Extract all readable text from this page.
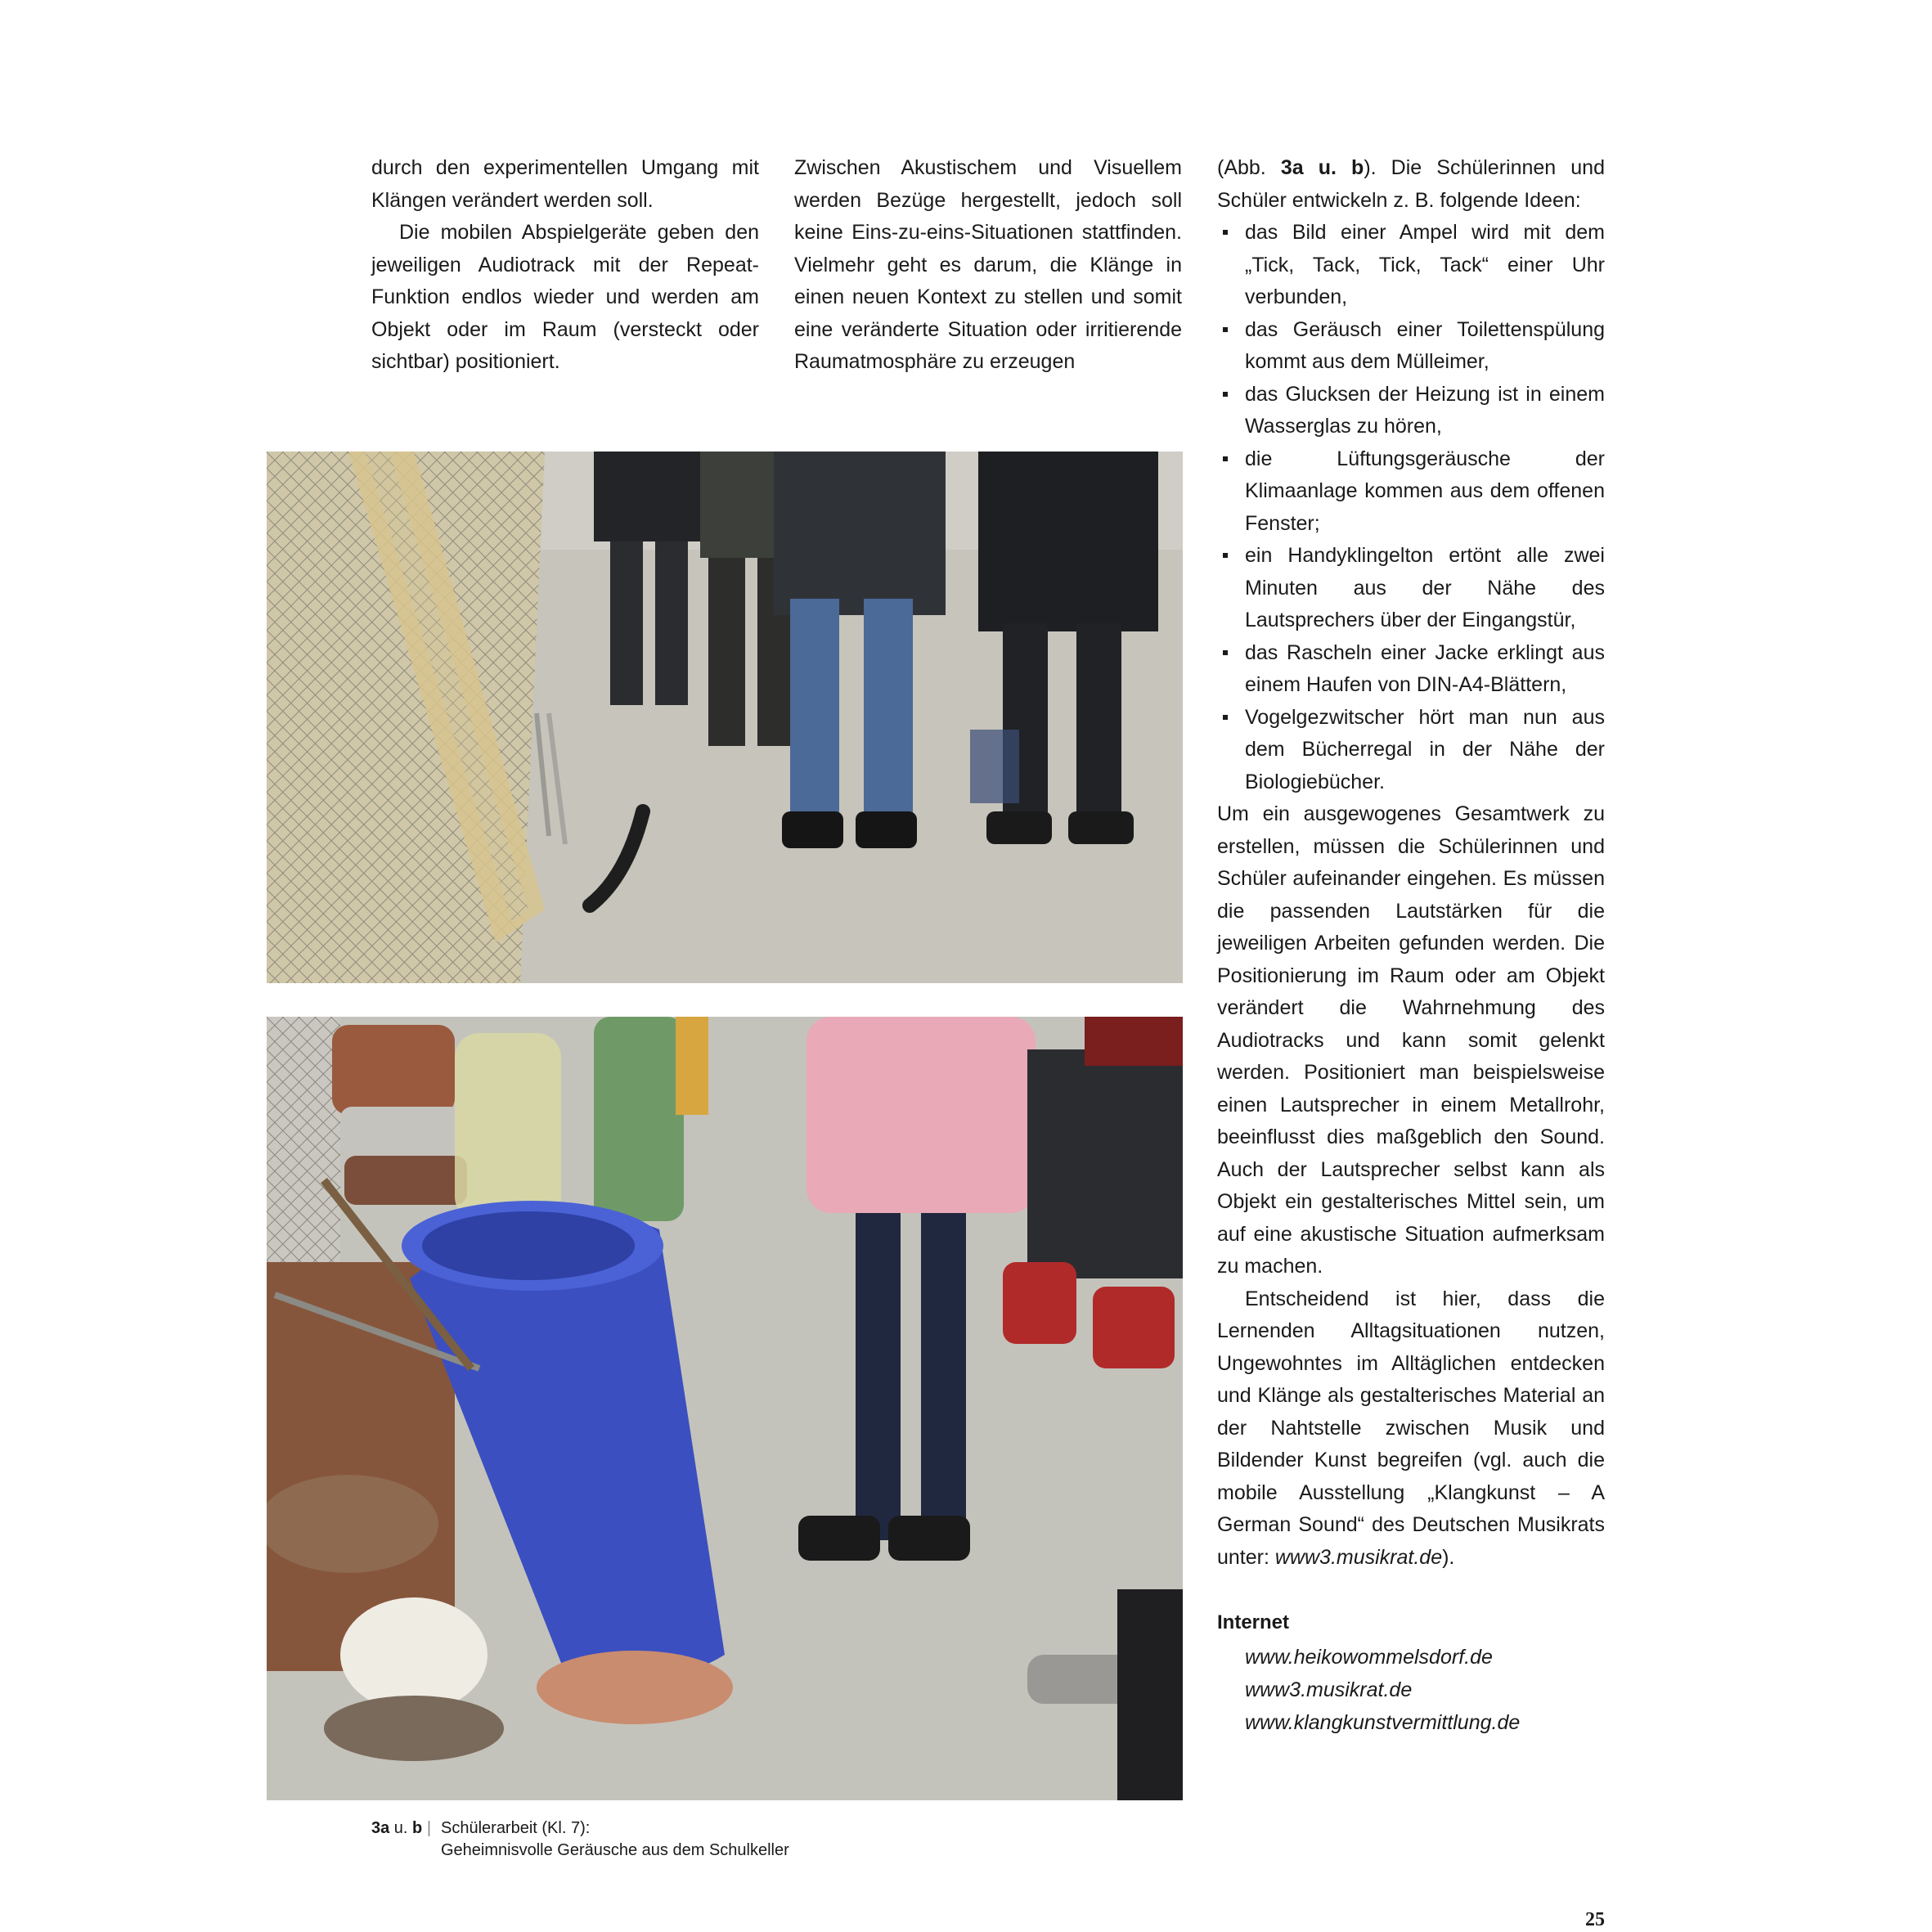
durch den experimentellen Umgang mit Klängen verändert werden soll.

Die mobilen Abspielgeräte geben den jeweiligen Audiotrack mit der Repeat-Funktion endlos wieder und werden am Objekt oder im Raum (versteckt oder sichtbar) positioniert.

Zwischen Akustischem und Visuellem werden Bezüge hergestellt, jedoch soll keine Eins-zu-eins-Situationen stattfinden. Vielmehr geht es darum, die Klänge in einen neuen Kontext zu stellen und somit eine veränderte Situation oder irritierende Raumatmosphäre zu erzeugen

(Abb. 3a u. b). Die Schülerinnen und Schüler entwickeln z. B. folgende Ideen:

das Bild einer Ampel wird mit dem „Tick, Tack, Tick, Tack“ einer Uhr verbunden,
das Geräusch einer Toilettenspülung kommt aus dem Mülleimer,
das Glucksen der Heizung ist in einem Wasserglas zu hören,
die Lüftungsgeräusche der Klimaanlage kommen aus dem offenen Fenster;
ein Handyklingelton ertönt alle zwei Minuten aus der Nähe des Lautsprechers über der Eingangstür,
das Rascheln einer Jacke erklingt aus einem Haufen von DIN-A4-Blättern,
Vogelgezwitscher hört man nun aus dem Bücherregal in der Nähe der Biologiebücher.

Um ein ausgewogenes Gesamtwerk zu erstellen, müssen die Schülerinnen und Schüler aufeinander eingehen. Es müssen die passenden Lautstärken für die jeweiligen Arbeiten gefunden werden. Die Positionierung im Raum oder am Objekt verändert die Wahrnehmung des Audiotracks und kann somit gelenkt werden. Positioniert man beispielsweise einen Lautsprecher in einem Metallrohr, beeinflusst dies maßgeblich den Sound. Auch der Lautsprecher selbst kann als Objekt ein gestalterisches Mittel sein, um auf eine akustische Situation aufmerksam zu machen.

Entscheidend ist hier, dass die Lernenden Alltagsituationen nutzen, Ungewohntes im Alltäglichen entdecken und Klänge als gestalterisches Material an der Nahtstelle zwischen Musik und Bildender Kunst begreifen (vgl. auch die mobile Ausstellung „Klangkunst – A German Sound“ des Deutschen Musikrats unter: www3.musikrat.de).

3a u. b | Schülerarbeit (Kl. 7):
Geheimnisvolle Geräusche aus dem Schulkeller
Internet
www.heikowommelsdorf.de
www3.musikrat.de
www.klangkunstvermittlung.de
25
